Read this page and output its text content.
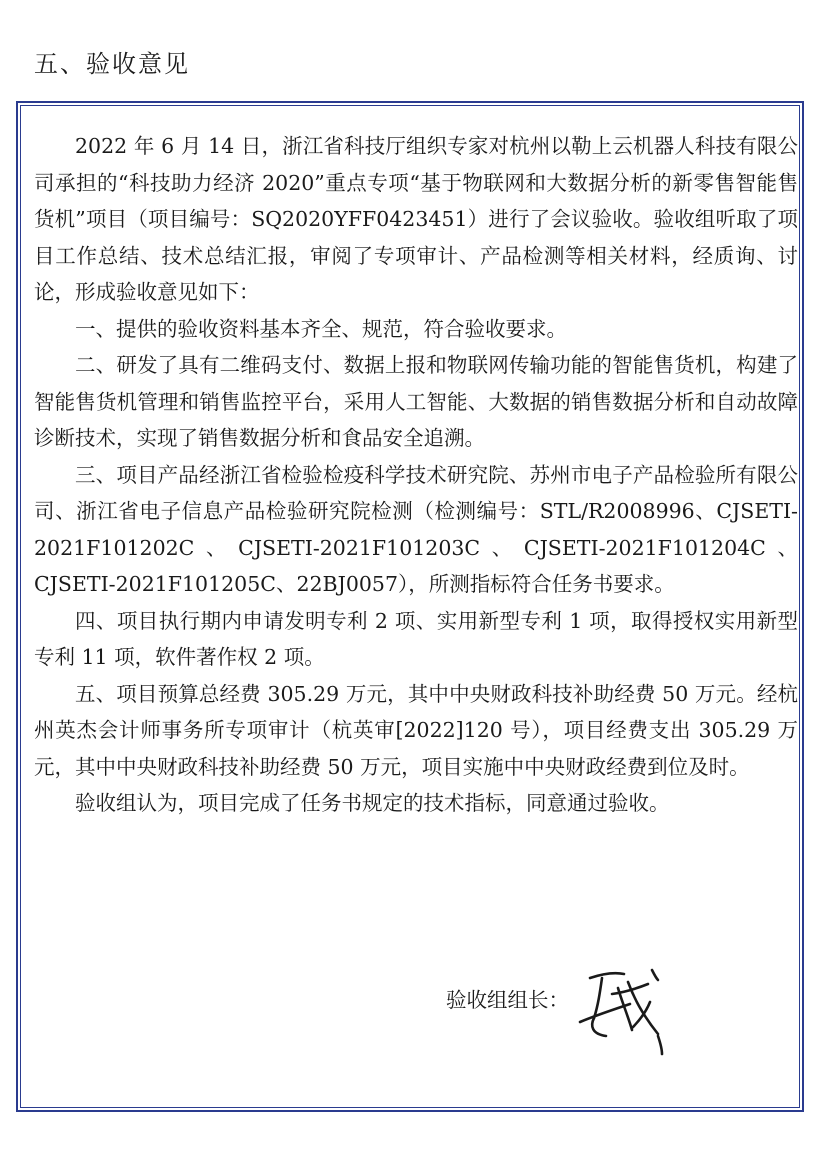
五、验收意见

2022 年 6 月 14 日，浙江省科技厅组织专家对杭州以勒上云机器人科技有限公司承担的“科技助力经济 2020”重点专项“基于物联网和大数据分析的新零售智能售货机”项目（项目编号：SQ2020YFF0423451）进行了会议验收。验收组听取了项目工作总结、技术总结汇报，审阅了专项审计、产品检测等相关材料，经质询、讨论，形成验收意见如下：

一、提供的验收资料基本齐全、规范，符合验收要求。

二、研发了具有二维码支付、数据上报和物联网传输功能的智能售货机，构建了智能售货机管理和销售监控平台，采用人工智能、大数据的销售数据分析和自动故障诊断技术，实现了销售数据分析和食品安全追溯。

三、项目产品经浙江省检验检疫科学技术研究院、苏州市电子产品检验所有限公司、浙江省电子信息产品检验研究院检测（检测编号：STL/R2008996、CJSETI-2021F101202C、CJSETI-2021F101203C、CJSETI-2021F101204C、CJSETI-2021F101205C、22BJ0057），所测指标符合任务书要求。

四、项目执行期内申请发明专利 2 项、实用新型专利 1 项，取得授权实用新型专利 11 项，软件著作权 2 项。

五、项目预算总经费 305.29 万元，其中中央财政科技补助经费 50 万元。经杭州英杰会计师事务所专项审计（杭英审[2022]120 号），项目经费支出 305.29 万元，其中中央财政科技补助经费 50 万元，项目实施中中央财政经费到位及时。

验收组认为，项目完成了任务书规定的技术指标，同意通过验收。

验收组组长：
